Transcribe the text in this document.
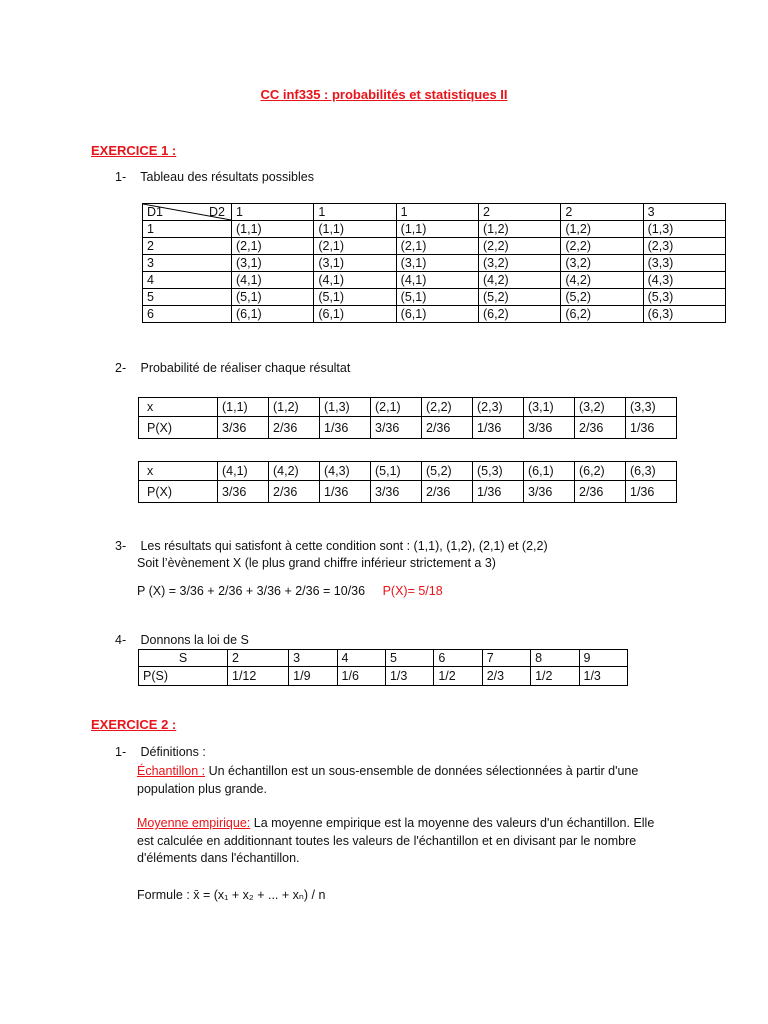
CC inf335 : probabilités et statistiques II
EXERCICE 1 :
1- Tableau des résultats possibles
D1 D2	1	1	1	2	2	3
1	(1,1)	(1,1)	(1,1)	(1,2)	(1,2)	(1,3)
2	(2,1)	(2,1)	(2,1)	(2,2)	(2,2)	(2,3)
3	(3,1)	(3,1)	(3,1)	(3,2)	(3,2)	(3,3)
4	(4,1)	(4,1)	(4,1)	(4,2)	(4,2)	(4,3)
5	(5,1)	(5,1)	(5,1)	(5,2)	(5,2)	(5,3)
6	(6,1)	(6,1)	(6,1)	(6,2)	(6,2)	(6,3)
2- Probabilité de réaliser chaque résultat
x	(1,1)	(1,2)	(1,3)	(2,1)	(2,2)	(2,3)	(3,1)	(3,2)	(3,3)
P(X)	3/36	2/36	1/36	3/36	2/36	1/36	3/36	2/36	1/36
x	(4,1)	(4,2)	(4,3)	(5,1)	(5,2)	(5,3)	(6,1)	(6,2)	(6,3)
P(X)	3/36	2/36	1/36	3/36	2/36	1/36	3/36	2/36	1/36
3- Les résultats qui satisfont à cette condition sont : (1,1), (1,2), (2,1) et (2,2)
Soit l’èvènement X (le plus grand chiffre inférieur strictement a 3)
P (X) = 3/36 + 2/36 + 3/36 + 2/36 = 10/36 P(X)= 5/18
4- Donnons la loi de S
S	2	3	4	5	6	7	8	9
P(S)	1/12	1/9	1/6	1/3	1/2	2/3	1/2	1/3
EXERCICE 2 :
1- Définitions :
Échantillon : Un échantillon est un sous-ensemble de données sélectionnées à partir d'une population plus grande.
Moyenne empirique: La moyenne empirique est la moyenne des valeurs d'un échantillon. Elle est calculée en additionnant toutes les valeurs de l'échantillon et en divisant par le nombre d'éléments dans l'échantillon.
Formule : x̄ = (x₁ + x₂ + ... + xₙ) / n
